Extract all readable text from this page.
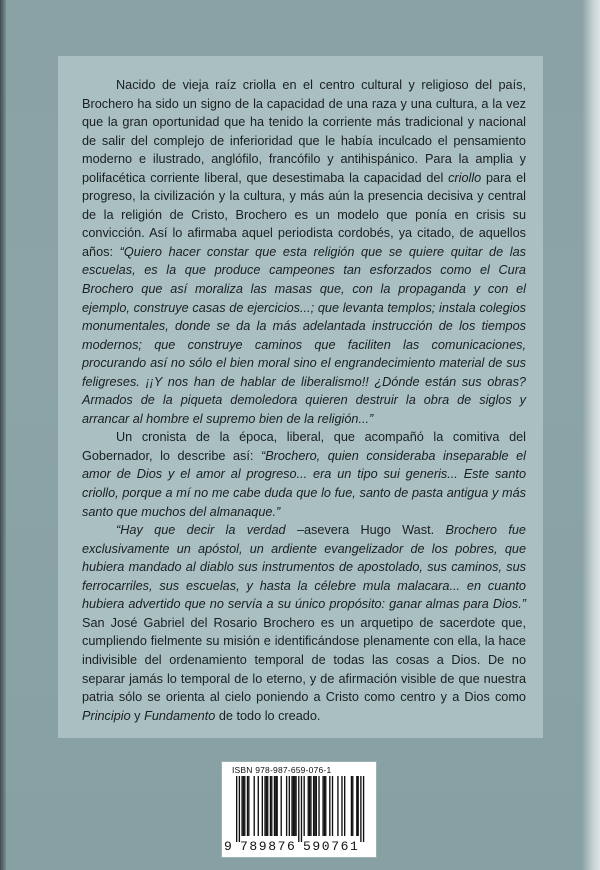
Nacido de vieja raíz criolla en el centro cultural y religioso del país, Brochero ha sido un signo de la capacidad de una raza y una cultura, a la vez que la gran oportunidad que ha tenido la corriente más tradicional y nacional de salir del complejo de inferioridad que le había inculcado el pensamiento moderno e ilustrado, anglófilo, francófilo y antihispánico. Para la amplia y polifacética corriente liberal, que desestimaba la capacidad del criollo para el progreso, la civilización y la cultura, y más aún la presencia decisiva y central de la religión de Cristo, Brochero es un modelo que ponía en crisis su convicción. Así lo afirmaba aquel periodista cordobés, ya citado, de aquellos años: “Quiero hacer constar que esta religión que se quiere quitar de las escuelas, es la que produce campeones tan esforzados como el Cura Brochero que así moraliza las masas que, con la propaganda y con el ejemplo, construye casas de ejercicios...; que levanta templos; instala colegios monumentales, donde se da la más adelantada instrucción de los tiempos modernos; que construye caminos que faciliten las comunicaciones, procurando así no sólo el bien moral sino el engrandecimiento material de sus feligreses. ¡¡Y nos han de hablar de liberalismo!! ¿Dónde están sus obras? Armados de la piqueta demoledora quieren destruir la obra de siglos y arrancar al hombre el supremo bien de la religión...”

Un cronista de la época, liberal, que acompañó la comitiva del Gobernador, lo describe así: “Brochero, quien consideraba inseparable el amor de Dios y el amor al progreso... era un tipo sui generis... Este santo criollo, porque a mí no me cabe duda que lo fue, santo de pasta antigua y más santo que muchos del almanaque.”

“Hay que decir la verdad –asevera Hugo Wast. Brochero fue exclusivamente un apóstol, un ardiente evangelizador de los pobres, que hubiera mandado al diablo sus instrumentos de apostolado, sus caminos, sus ferrocarriles, sus escuelas, y hasta la célebre mula malacara... en cuanto hubiera advertido que no servía a su único propósito: ganar almas para Dios.” San José Gabriel del Rosario Brochero es un arquetipo de sacerdote que, cumpliendo fielmente su misión e identificándose plenamente con ella, la hace indivisible del ordenamiento temporal de todas las cosas a Dios. De no separar jamás lo temporal de lo eterno, y de afirmación visible de que nuestra patria sólo se orienta al cielo poniendo a Cristo como centro y a Dios como Principio y Fundamento de todo lo creado.

ISBN 978-987-659-076-1
9 789876 590761
